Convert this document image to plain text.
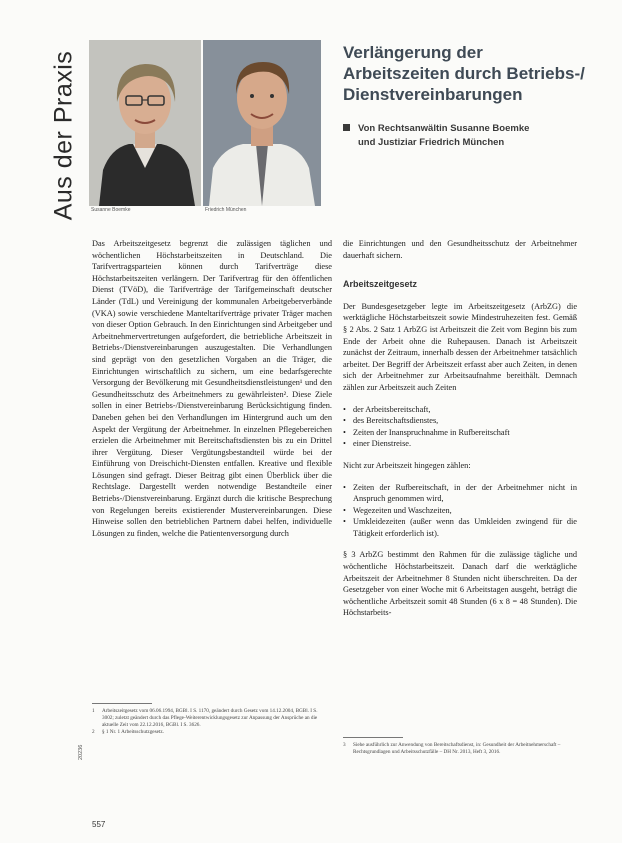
Aus der Praxis	Susanne Boemke	Friedrich München
Verlängerung der Arbeitszeiten durch Betriebs-/ Dienstvereinbarungen
Von Rechtsanwältin Susanne Boemke
und Justiziar Friedrich München

Das Arbeitszeitgesetz begrenzt die zulässigen täglichen und wöchentlichen Höchstarbeitszeiten in Deutschland. Die Tarifvertragsparteien können durch Tarifverträge diese Höchstarbeitszeiten verlängern. Der Tarifvertrag für den öffentlichen Dienst (TVöD), die Tarifverträge der Tarifgemeinschaft deutscher Länder (TdL) und Vereinigung der kommunalen Arbeitgeberverbände (VKA) sowie verschiedene Manteltarifverträge privater Träger machen von dieser Option Gebrauch. In den Einrichtungen sind Arbeitgeber und Arbeitnehmervertretungen aufgefordert, die betriebliche Arbeitszeit in Betriebs-/Dienstvereinbarungen auszugestalten. Die Verhandlungen sind geprägt von den gesetzlichen Vorgaben an die Träger, die Einrichtungen wirtschaftlich zu sichern, um eine bedarfsgerechte Versorgung der Bevölkerung mit Gesundheitsdienstleistungen¹ und den Gesundheitsschutz des Arbeitnehmers zu gewährleisten². Diese Ziele sollen in einer Betriebs-/Dienstvereinbarung Berücksichtigung finden. Daneben gehen bei den Verhandlungen im Hintergrund auch um den Aspekt der Vergütung der Arbeitnehmer. In einzelnen Pflegebereichen erzielen die Arbeitnehmer mit Bereitschaftsdiensten bis zu ein Drittel ihrer Vergütung. Dieser Vergütungsbestandteil würde bei der Einführung von Dreischicht-Diensten entfallen. Kreative und flexible Lösungen sind gefragt. Dieser Beitrag gibt einen Überblick über die Rechtslage. Dargestellt werden notwendige Bestandteile einer Betriebs-/Dienstvereinbarung. Ergänzt durch die kritische Besprechung von Regelungen bereits existierender Mustervereinbarungen. Diese Hinweise sollen den betrieblichen Partnern dabei helfen, individuelle Lösungen zu finden, welche die Patientenversorgung durch

die Einrichtungen und den Gesundheitsschutz der Arbeitnehmer dauerhaft sichern.

Arbeitszeitgesetz

Der Bundesgesetzgeber legte im Arbeitszeitgesetz (ArbZG) die werktägliche Höchstarbeitszeit sowie Mindestruhezeiten fest. Gemäß § 2 Abs. 2 Satz 1 ArbZG ist Arbeitszeit die Zeit vom Beginn bis zum Ende der Arbeit ohne die Ruhepausen. Danach ist Arbeitszeit zunächst der Zeitraum, innerhalb dessen der Arbeitnehmer tatsächlich arbeitet. Der Begriff der Arbeitszeit erfasst aber auch Zeiten, in denen sich der Arbeitnehmer zur Arbeitsaufnahme bereithält. Demnach zählen zur Arbeitszeit auch Zeiten

• der Arbeitsbereitschaft,
• des Bereitschaftsdienstes,
• Zeiten der Inanspruchnahme in Rufbereitschaft
• einer Dienstreise.

Nicht zur Arbeitszeit hingegen zählen:

• Zeiten der Rufbereitschaft, in der der Arbeitnehmer nicht in Anspruch genommen wird,
• Wegezeiten und Waschzeiten,
• Umkleidezeiten (außer wenn das Umkleiden zwingend für die Tätigkeit erforderlich ist).

§ 3 ArbZG bestimmt den Rahmen für die zulässige tägliche und wöchentliche Höchstarbeitszeit. Danach darf die werktägliche Arbeitszeit der Arbeitnehmer 8 Stunden nicht überschreiten. Da der Gesetzgeber von einer Woche mit 6 Arbeitstagen ausgeht, beträgt die wöchentliche Arbeitszeit somit 48 Stunden (6 x 8 = 48 Stunden). Die Höchstarbeits-

1	Arbeitszeitgesetz vom 06.06.1994, BGBl. I S. 1170, geändert durch Gesetz vom 14.12.2004, BGBl. I S. 3002; zuletzt geändert durch das Pflege-Weiterentwicklungsgesetz zur Anpassung der Ansprüche an die aktuelle Zeit vom 22.12.2016, BGBl. I S. 3626.
2	§ 1 Nr. 1 Arbeitsschutzgesetz.
3	Siehe ausführlich zur Anwendung von Bereitschaftsdienst, in: Gesundheit der Arbeitnehmerschaft – Rechtsgrundlagen und Arbeitsschutzfälle – DH Nr. 2013, Heft 3, 2016.
20236
557
